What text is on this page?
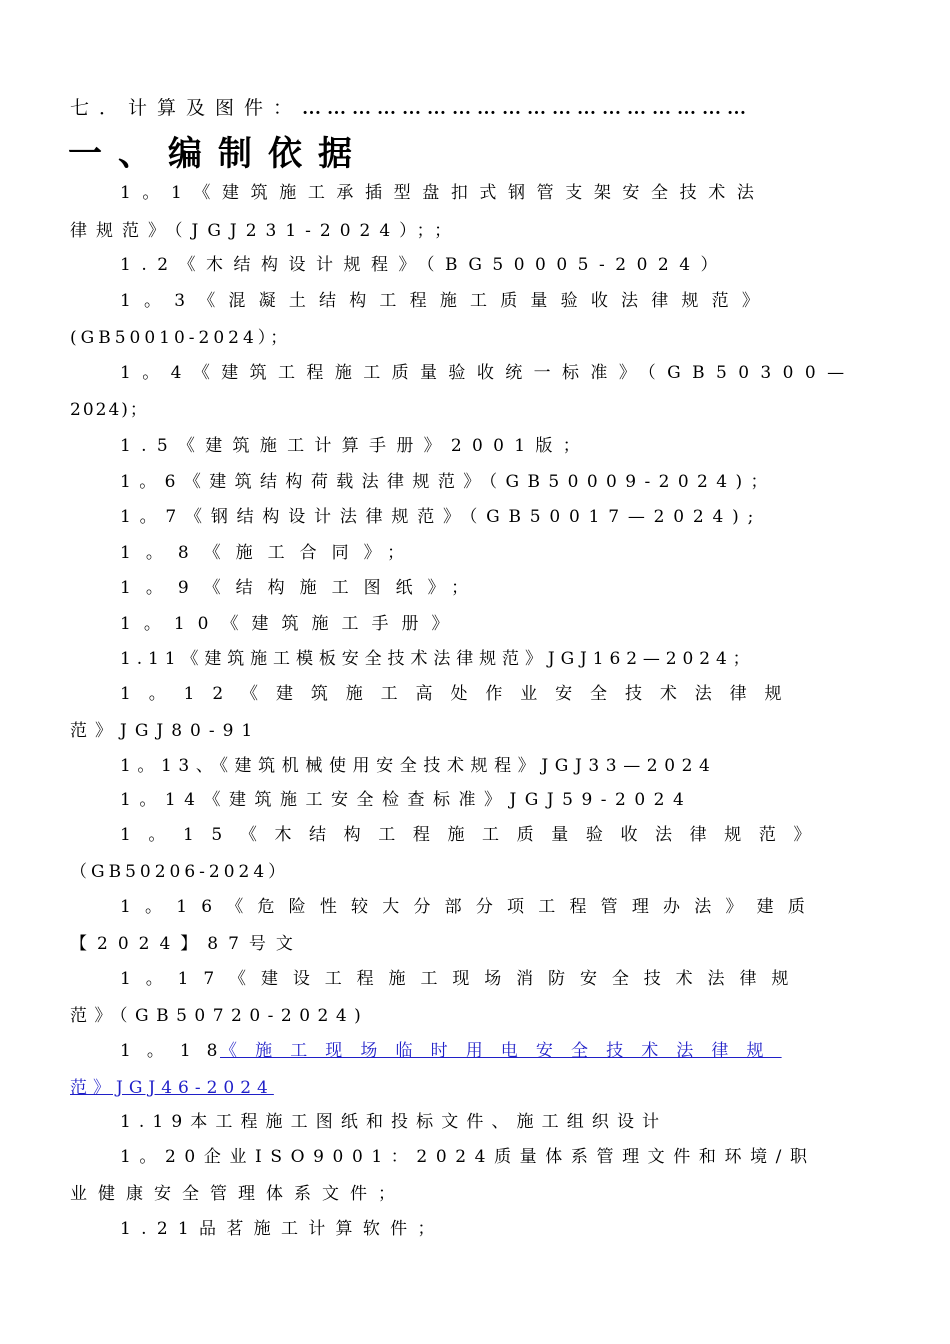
七．计算及图件：………………………………………………
一、编制依据
1。1《建筑施工承插型盘扣式钢管支架安全技术法
律规范》（JGJ231-2024）；；
1.2《木结构设计规程》（BG50005-2024）
1。3《混凝土结构工程施工质量验收法律规范》
(GB50010-2024）；
1。4《建筑工程施工质量验收统一标准》（GB50300—
2024)；
1.5《建筑施工计算手册》2001版；
1。6《建筑结构荷载法律规范》（GB50009-2024)；
1。7《钢结构设计法律规范》（GB50017—2024);
1。8《施工合同》；
1。9《结构施工图纸》；
1。10《建筑施工手册》
1.11《建筑施工模板安全技术法律规范》JGJ162—2024；
1。12《建筑施工高处作业安全技术法律规
范》JGJ80-91
1。13、《建筑机械使用安全技术规程》JGJ33—2024
1。14《建筑施工安全检查标准》JGJ59-2024
1。15《木结构工程施工质量验收法律规范》
（GB50206-2024）
1。16《危险性较大分部分项工程管理办法》建质
【2024】87号文
1。17《建设工程施工现场消防安全技术法律规
范》（GB50720-2024)
1。18
《施工现场临时用电安全技术法律规
范》JGJ46-2024
1.19本工程施工图纸和投标文件、施工组织设计
1。20企业ISO9001：2024质量体系管理文件和环境/职
业健康安全管理体系文件；
1.21品茗施工计算软件；
